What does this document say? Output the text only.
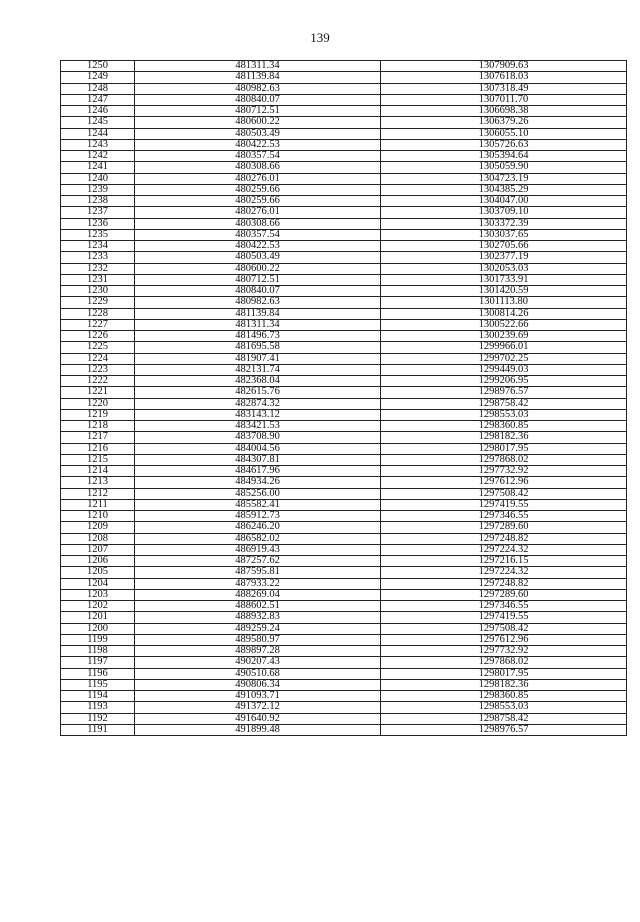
139
1250	481311.34	1307909.63
1249	481139.84	1307618.03
1248	480982.63	1307318.49
1247	480840.07	1307011.70
1246	480712.51	1306698.38
1245	480600.22	1306379.26
1244	480503.49	1306055.10
1243	480422.53	1305726.63
1242	480357.54	1305394.64
1241	480308.66	1305059.90
1240	480276.01	1304723.19
1239	480259.66	1304385.29
1238	480259.66	1304047.00
1237	480276.01	1303709.10
1236	480308.66	1303372.39
1235	480357.54	1303037.65
1234	480422.53	1302705.66
1233	480503.49	1302377.19
1232	480600.22	1302053.03
1231	480712.51	1301733.91
1230	480840.07	1301420.59
1229	480982.63	1301113.80
1228	481139.84	1300814.26
1227	481311.34	1300522.66
1226	481496.73	1300239.69
1225	481695.58	1299966.01
1224	481907.41	1299702.25
1223	482131.74	1299449.03
1222	482368.04	1299206.95
1221	482615.76	1298976.57
1220	482874.32	1298758.42
1219	483143.12	1298553.03
1218	483421.53	1298360.85
1217	483708.90	1298182.36
1216	484004.56	1298017.95
1215	484307.81	1297868.02
1214	484617.96	1297732.92
1213	484934.26	1297612.96
1212	485256.00	1297508.42
1211	485582.41	1297419.55
1210	485912.73	1297346.55
1209	486246.20	1297289.60
1208	486582.02	1297248.82
1207	486919.43	1297224.32
1206	487257.62	1297216.15
1205	487595.81	1297224.32
1204	487933.22	1297248.82
1203	488269.04	1297289.60
1202	488602.51	1297346.55
1201	488932.83	1297419.55
1200	489259.24	1297508.42
1199	489580.97	1297612.96
1198	489897.28	1297732.92
1197	490207.43	1297868.02
1196	490510.68	1298017.95
1195	490806.34	1298182.36
1194	491093.71	1298360.85
1193	491372.12	1298553.03
1192	491640.92	1298758.42
1191	491899.48	1298976.57
